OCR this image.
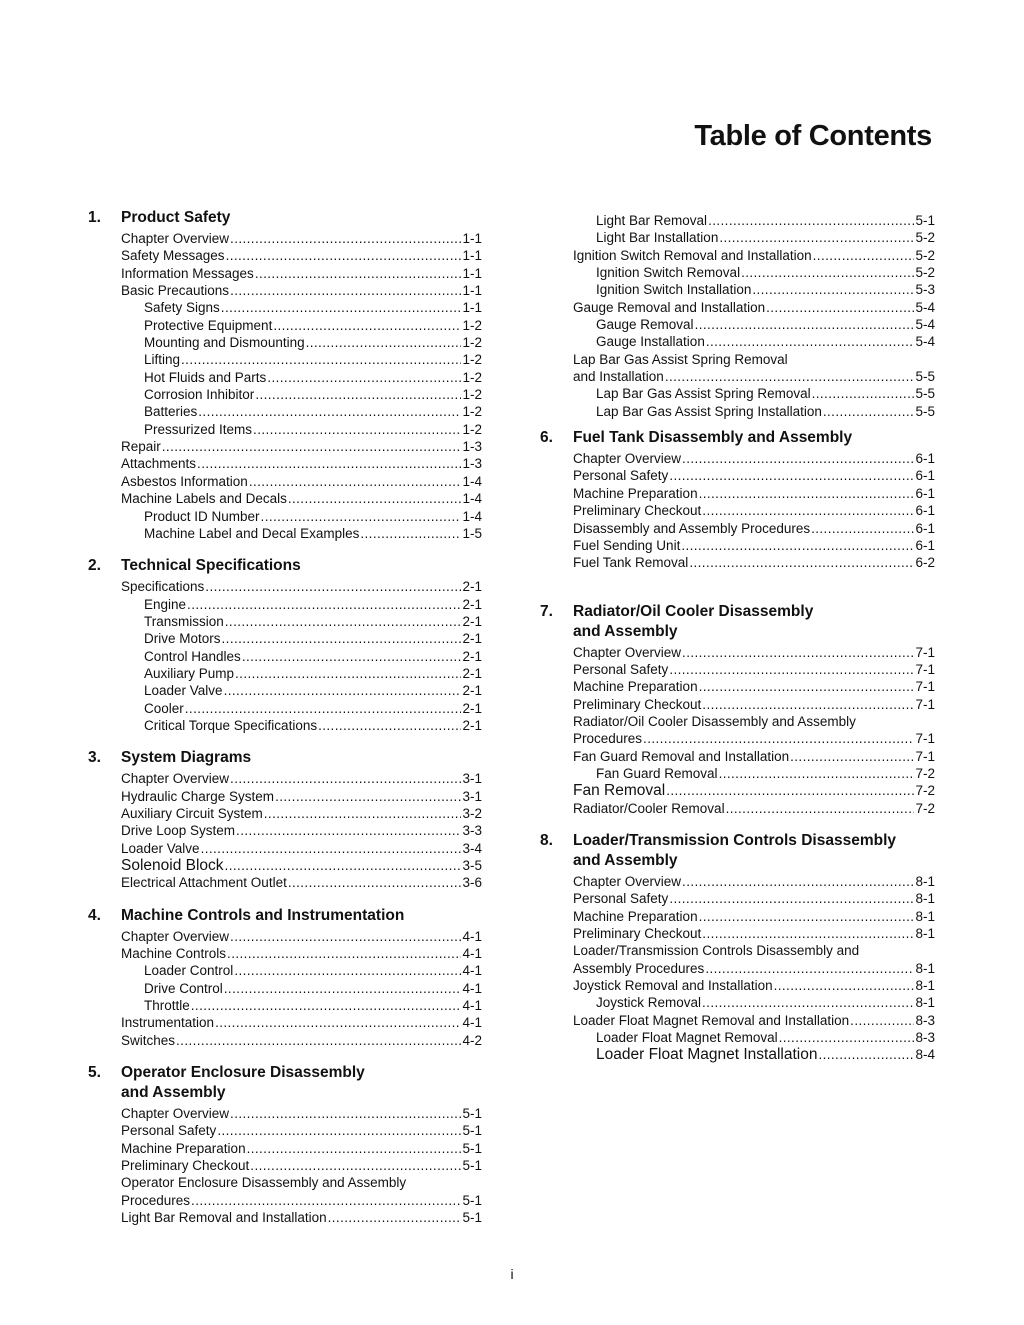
Table of Contents
1.	Product Safety
Chapter Overview .....	1-1
Safety Messages .....	1-1
Information Messages .....	1-1
Basic Precautions .....	1-1
Safety Signs .....	1-1
Protective Equipment .....	1-2
Mounting and Dismounting .....	1-2
Lifting .....	1-2
Hot Fluids and Parts .....	1-2
Corrosion Inhibitor .....	1-2
Batteries .....	1-2
Pressurized Items .....	1-2
Repair .....	1-3
Attachments .....	1-3
Asbestos Information .....	1-4
Machine Labels and Decals .....	1-4
Product ID Number .....	1-4
Machine Label and Decal Examples .....	1-5
2.	Technical Specifications
Specifications .....	2-1
Engine .....	2-1
Transmission .....	2-1
Drive Motors .....	2-1
Control Handles .....	2-1
Auxiliary Pump .....	2-1
Loader Valve .....	2-1
Cooler .....	2-1
Critical Torque Specifications .....	2-1
3.	System Diagrams
Chapter Overview .....	3-1
Hydraulic Charge System .....	3-1
Auxiliary Circuit System .....	3-2
Drive Loop System .....	3-3
Loader Valve .....	3-4
Solenoid Block .....	3-5
Electrical Attachment Outlet .....	3-6
4.	Machine Controls and Instrumentation
Chapter Overview .....	4-1
Machine Controls .....	4-1
Loader Control .....	4-1
Drive Control .....	4-1
Throttle .....	4-1
Instrumentation .....	4-1
Switches .....	4-2
5.	Operator Enclosure Disassembly
and Assembly
Chapter Overview .....	5-1
Personal Safety .....	5-1
Machine Preparation .....	5-1
Preliminary Checkout .....	5-1
Operator Enclosure Disassembly and Assembly
Procedures .....	5-1
Light Bar Removal and Installation .....	5-1
Light Bar Removal .....	5-1
Light Bar Installation .....	5-2
Ignition Switch Removal and Installation .....	5-2
Ignition Switch Removal .....	5-2
Ignition Switch Installation .....	5-3
Gauge Removal and Installation .....	5-4
Gauge Removal .....	5-4
Gauge Installation .....	5-4
Lap Bar Gas Assist Spring Removal
and Installation .....	5-5
Lap Bar Gas Assist Spring Removal .....	5-5
Lap Bar Gas Assist Spring Installation .....	5-5
6.	Fuel Tank Disassembly and Assembly
Chapter Overview .....	6-1
Personal Safety .....	6-1
Machine Preparation .....	6-1
Preliminary Checkout .....	6-1
Disassembly and Assembly Procedures .....	6-1
Fuel Sending Unit .....	6-1
Fuel Tank Removal .....	6-2
7.	Radiator/Oil Cooler Disassembly
and Assembly
Chapter Overview .....	7-1
Personal Safety .....	7-1
Machine Preparation .....	7-1
Preliminary Checkout .....	7-1
Radiator/Oil Cooler Disassembly and Assembly
Procedures .....	7-1
Fan Guard Removal and Installation .....	7-1
Fan Guard Removal .....	7-2
Fan Removal .....	7-2
Radiator/Cooler Removal .....	7-2
8.	Loader/Transmission Controls Disassembly
and Assembly
Chapter Overview .....	8-1
Personal Safety .....	8-1
Machine Preparation .....	8-1
Preliminary Checkout .....	8-1
Loader/Transmission Controls Disassembly and
Assembly Procedures .....	8-1
Joystick Removal and Installation .....	8-1
Joystick Removal .....	8-1
Loader Float Magnet Removal and Installation .....	8-3
Loader Float Magnet Removal .....	8-3
Loader Float Magnet Installation .....	8-4
i
